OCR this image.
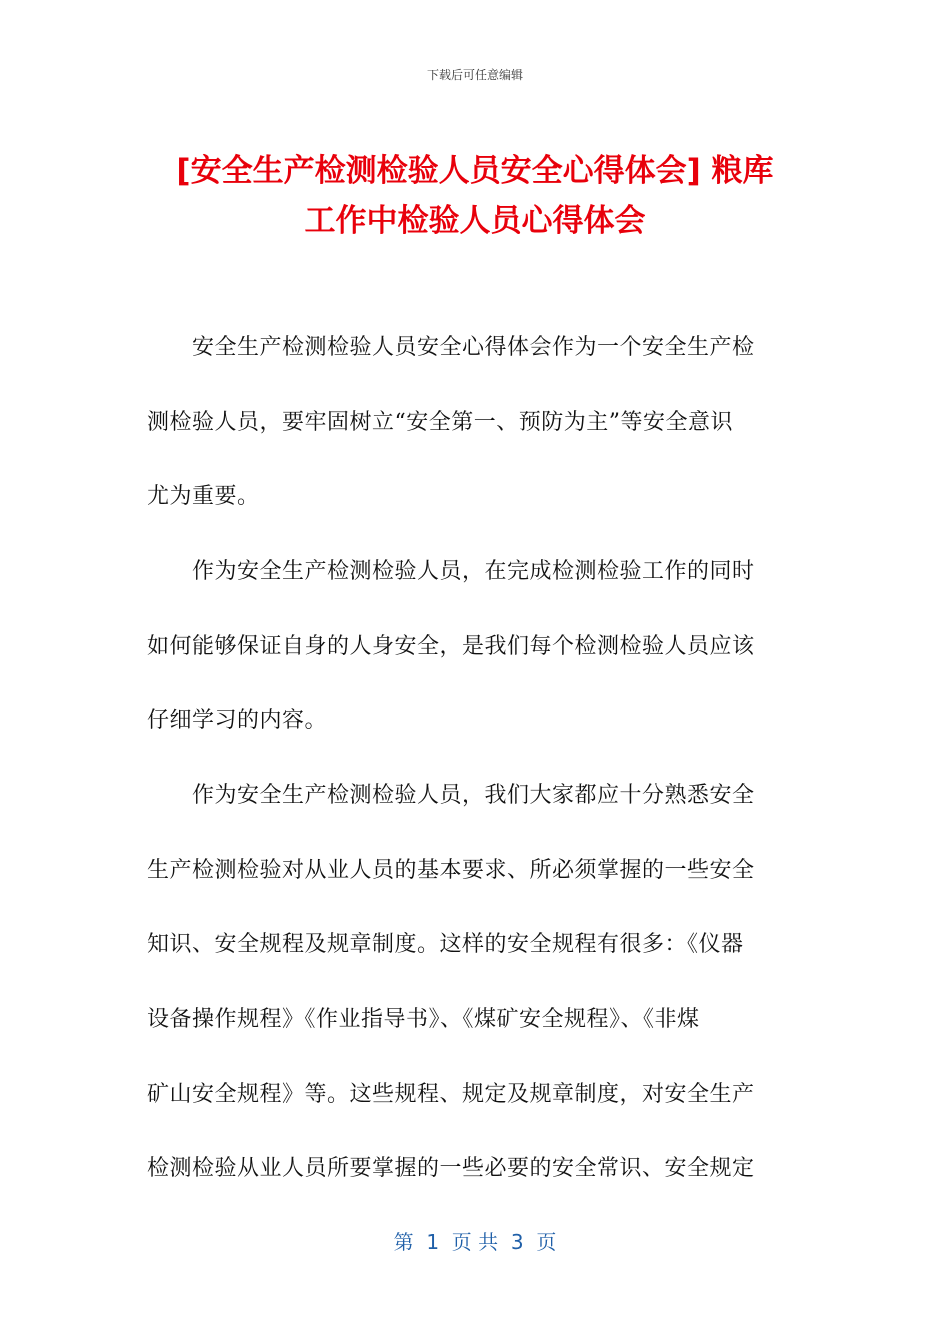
下载后可任意编辑
[安全生产检测检验人员安全心得体会] 粮库
工作中检验人员心得体会
　　安全生产检测检验人员安全心得体会作为一个安全生产检
测检验人员，要牢固树立“安全第一、预防为主”等安全意识
尤为重要。
　　作为安全生产检测检验人员，在完成检测检验工作的同时
如何能够保证自身的人身安全，是我们每个检测检验人员应该
仔细学习的内容。
　　作为安全生产检测检验人员，我们大家都应十分熟悉安全
生产检测检验对从业人员的基本要求、所必须掌握的一些安全
知识、安全规程及规章制度。这样的安全规程有很多：《仪器
设备操作规程》《作业指导书》、《煤矿安全规程》、《非煤
矿山安全规程》等。这些规程、规定及规章制度，对安全生产
检测检验从业人员所要掌握的一些必要的安全常识、安全规定
第  1  页 共  3  页
